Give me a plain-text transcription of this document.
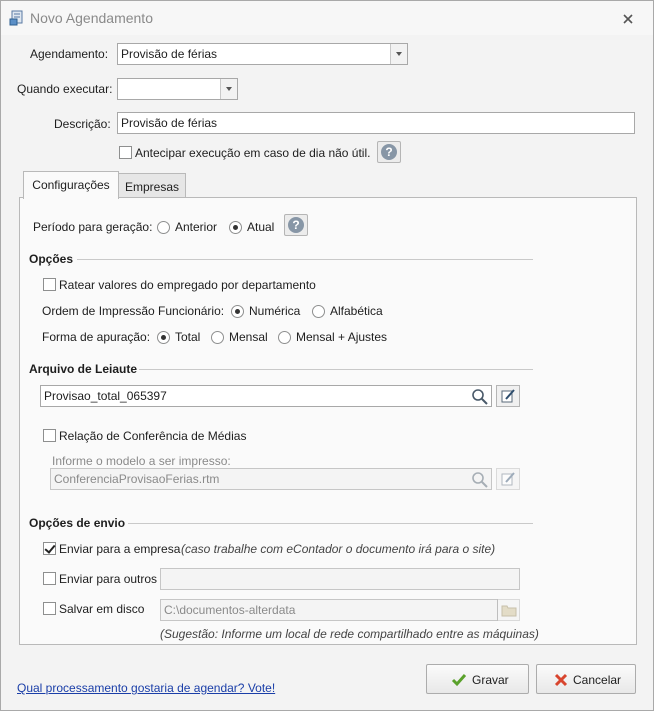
Novo Agendamento
Agendamento: Provisão de férias
Quando executar:
Descrição: Provisão de férias
Antecipar execução em caso de dia não útil.	?
Configurações	Empresas
Período para geração: Anterior Atual	?
Opções
Ratear valores do empregado por departamento
Ordem de Impressão Funcionário: Numérica Alfabética
Forma de apuração: Total Mensal Mensal + Ajustes
Arquivo de Leiaute
Provisao_total_065397
Relação de Conferência de Médias
Informe o modelo a ser impresso:
ConferenciaProvisaoFerias.rtm
Opções de envio
Enviar para a empresa (caso trabalhe com eContador o documento irá para o site)
Enviar para outros
Salvar em disco C:\documentos-alterdata
(Sugestão: Informe um local de rede compartilhado entre as máquinas)
Qual processamento gostaria de agendar? Vote!
Gravar	Cancelar
